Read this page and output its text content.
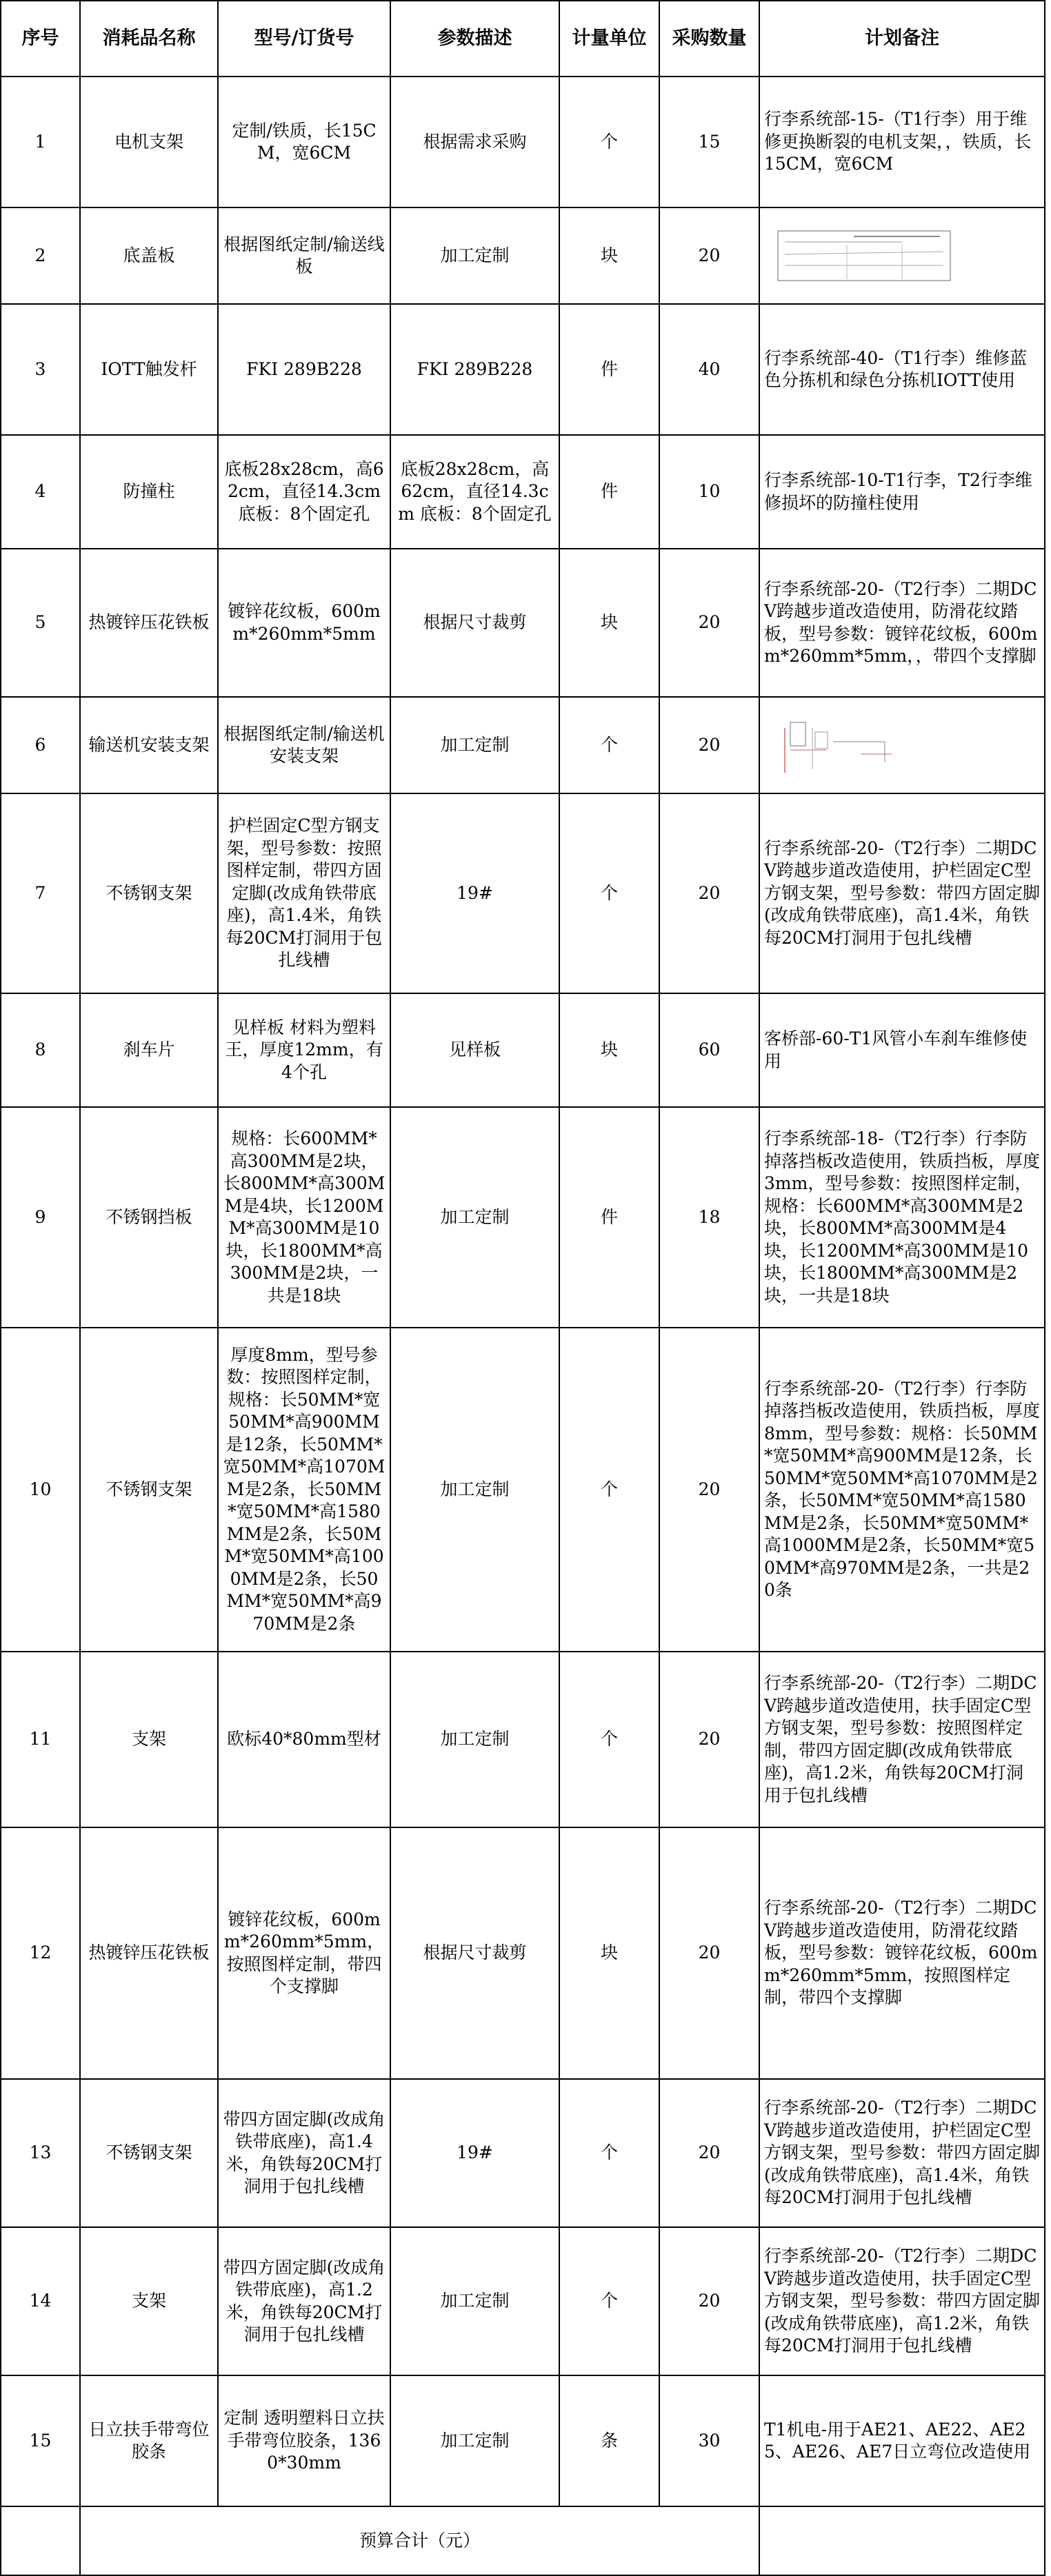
序号	消耗品名称	型号/订货号	参数描述	计量单位	采购数量	计划备注
1	电机支架	定制/铁质，长15CM，宽6CM	根据需求采购	个	15	行李系统部-15-（T1行李）用于维修更换断裂的电机支架，，铁质，长15CM，宽6CM
2	底盖板	根据图纸定制/输送线板	加工定制	块	20	

3	IOTT触发杆	FKI 289B228	FKI 289B228	件	40	行李系统部-40-（T1行李）维修蓝色分拣机和绿色分拣机IOTT使用
4	防撞柱	底板28x28cm，高62cm，直径14.3cm 底板：8个固定孔	底板28x28cm，高62cm，直径14.3cm 底板：8个固定孔	件	10	行李系统部-10-T1行李，T2行李维修损坏的防撞柱使用
5	热镀锌压花铁板	镀锌花纹板，600mm*260mm*5mm	根据尺寸裁剪	块	20	行李系统部-20-（T2行李）二期DCV跨越步道改造使用，防滑花纹踏板，型号参数：镀锌花纹板，600mm*260mm*5mm，，带四个支撑脚
6	输送机安装支架	根据图纸定制/输送机安装支架	加工定制	个	20	

7	不锈钢支架	护栏固定C型方钢支架，型号参数：按照图样定制，带四方固定脚(改成角铁带底座)，高1.4米，角铁每20CM打洞用于包扎线槽	19#	个	20	行李系统部-20-（T2行李）二期DCV跨越步道改造使用，护栏固定C型方钢支架，型号参数：带四方固定脚(改成角铁带底座)，高1.4米，角铁每20CM打洞用于包扎线槽
8	刹车片	见样板 材料为塑料王，厚度12mm，有4个孔	见样板	块	60	客桥部-60-T1风管小车刹车维修使用
9	不锈钢挡板	规格：长600MM*高300MM是2块，长800MM*高300MM是4块，长1200MM*高300MM是10块，长1800MM*高300MM是2块，一共是18块	加工定制	件	18	行李系统部-18-（T2行李）行李防掉落挡板改造使用，铁质挡板，厚度3mm，型号参数：按照图样定制，规格：长600MM*高300MM是2块，长800MM*高300MM是4块，长1200MM*高300MM是10块，长1800MM*高300MM是2块，一共是18块
10	不锈钢支架	厚度8mm，型号参数：按照图样定制，规格：长50MM*宽50MM*高900MM是12条，长50MM*宽50MM*高1070MM是2条，长50MM*宽50MM*高1580MM是2条，长50MM*宽50MM*高1000MM是2条，长50MM*宽50MM*高970MM是2条	加工定制	个	20	行李系统部-20-（T2行李）行李防掉落挡板改造使用，铁质挡板，厚度8mm，型号参数：规格：长50MM*宽50MM*高900MM是12条，长50MM*宽50MM*高1070MM是2条，长50MM*宽50MM*高1580MM是2条，长50MM*宽50MM*高1000MM是2条，长50MM*宽50MM*高970MM是2条，一共是20条
11	支架	欧标40*80mm型材	加工定制	个	20	行李系统部-20-（T2行李）二期DCV跨越步道改造使用，扶手固定C型方钢支架，型号参数：按照图样定制，带四方固定脚(改成角铁带底座)，高1.2米，角铁每20CM打洞用于包扎线槽
12	热镀锌压花铁板	镀锌花纹板，600mm*260mm*5mm，按照图样定制，带四个支撑脚	根据尺寸裁剪	块	20	行李系统部-20-（T2行李）二期DCV跨越步道改造使用，防滑花纹踏板，型号参数：镀锌花纹板，600mm*260mm*5mm，按照图样定制，带四个支撑脚
13	不锈钢支架	带四方固定脚(改成角铁带底座)，高1.4米，角铁每20CM打洞用于包扎线槽	19#	个	20	行李系统部-20-（T2行李）二期DCV跨越步道改造使用，护栏固定C型方钢支架，型号参数：带四方固定脚(改成角铁带底座)，高1.4米，角铁每20CM打洞用于包扎线槽
14	支架	带四方固定脚(改成角铁带底座)，高1.2米，角铁每20CM打洞用于包扎线槽	加工定制	个	20	行李系统部-20-（T2行李）二期DCV跨越步道改造使用，扶手固定C型方钢支架，型号参数：带四方固定脚(改成角铁带底座)，高1.2米，角铁每20CM打洞用于包扎线槽
15	日立扶手带弯位胶条	定制 透明塑料日立扶手带弯位胶条，1360*30mm	加工定制	条	30	T1机电-用于AE21、AE22、AE25、AE26、AE7日立弯位改造使用
	预算合计（元）					
